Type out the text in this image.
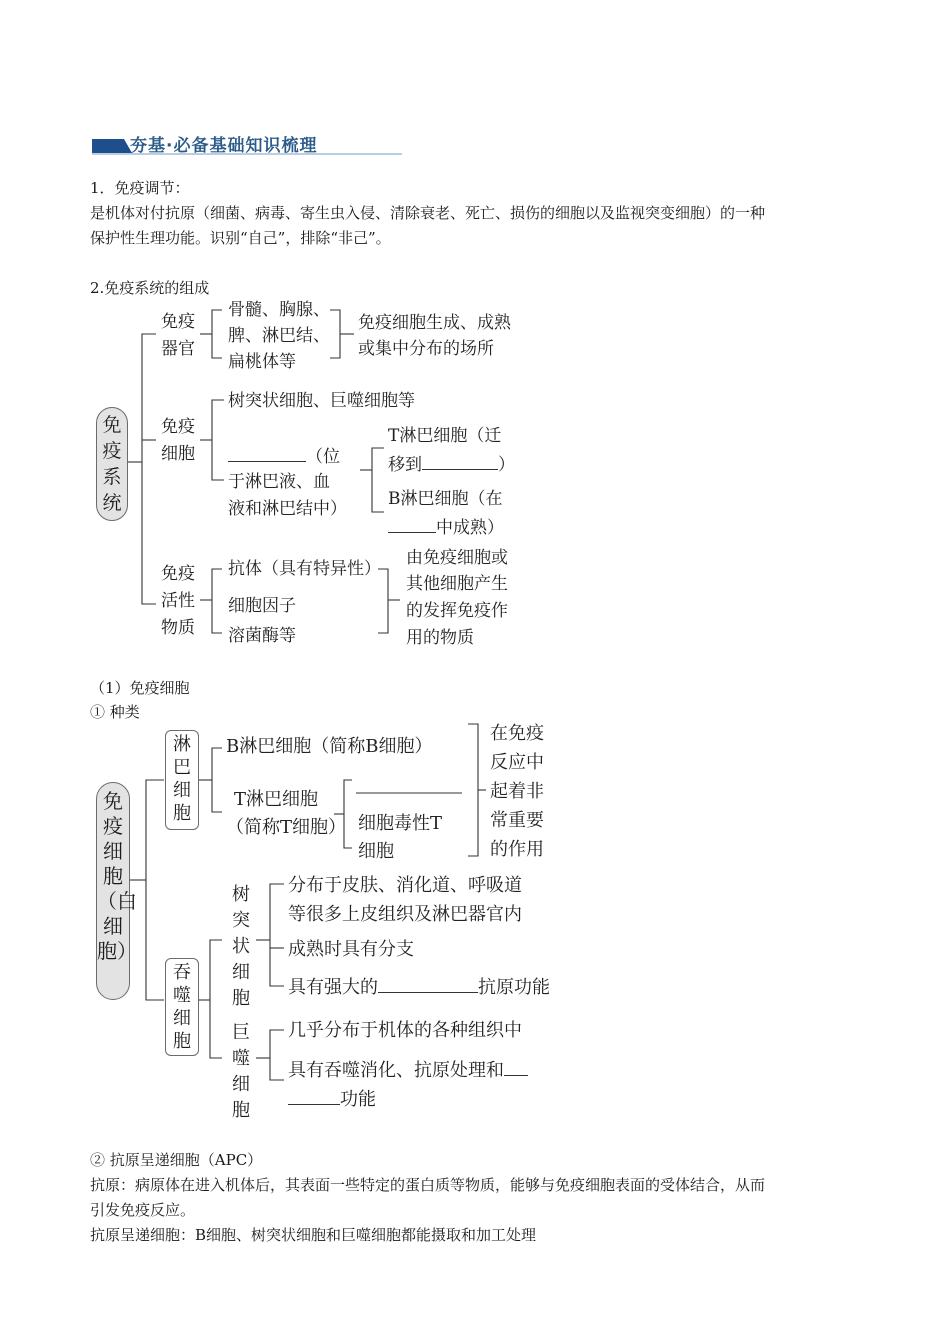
夯基·必备基础知识梳理
1．免疫调节：
是机体对付抗原（细菌、病毒、寄生虫入侵、清除衰老、死亡、损伤的细胞以及监视突变细胞）的一种
保护性生理功能。识别“自己”，排除“非己”。
2.免疫系统的组成
免疫系统
免疫器官
骨髓、胸腺、
脾、淋巴结、
扁桃体等
免疫细胞生成、成熟
或集中分布的场所
免疫细胞
树突状细胞、巨噬细胞等
（位
于淋巴液、血
液和淋巴结中）
T淋巴细胞（迁
移到	）
B淋巴细胞（在
中成熟）
免疫活性物质
抗体（具有特异性）
细胞因子
溶菌酶等
由免疫细胞或
其他细胞产生
的发挥免疫作
用的物质
（1）免疫细胞
① 种类
免疫细胞（白细胞）
淋巴细胞
B淋巴细胞（简称B细胞）
T淋巴细胞
（简称T细胞） 细胞毒性T
细胞
在免疫
反应中
起着非
常重要
的作用
吞噬细胞
树突状细胞
分布于皮肤、消化道、呼吸道
等很多上皮组织及淋巴器官内
成熟时具有分支
具有强大的	抗原功能
巨噬细胞
几乎分布于机体的各种组织中
具有吞噬消化、抗原处理和
功能
② 抗原呈递细胞（APC）
抗原：病原体在进入机体后，其表面一些特定的蛋白质等物质，能够与免疫细胞表面的受体结合，从而
引发免疫反应。
抗原呈递细胞：B细胞、树突状细胞和巨噬细胞都能摄取和加工处理
